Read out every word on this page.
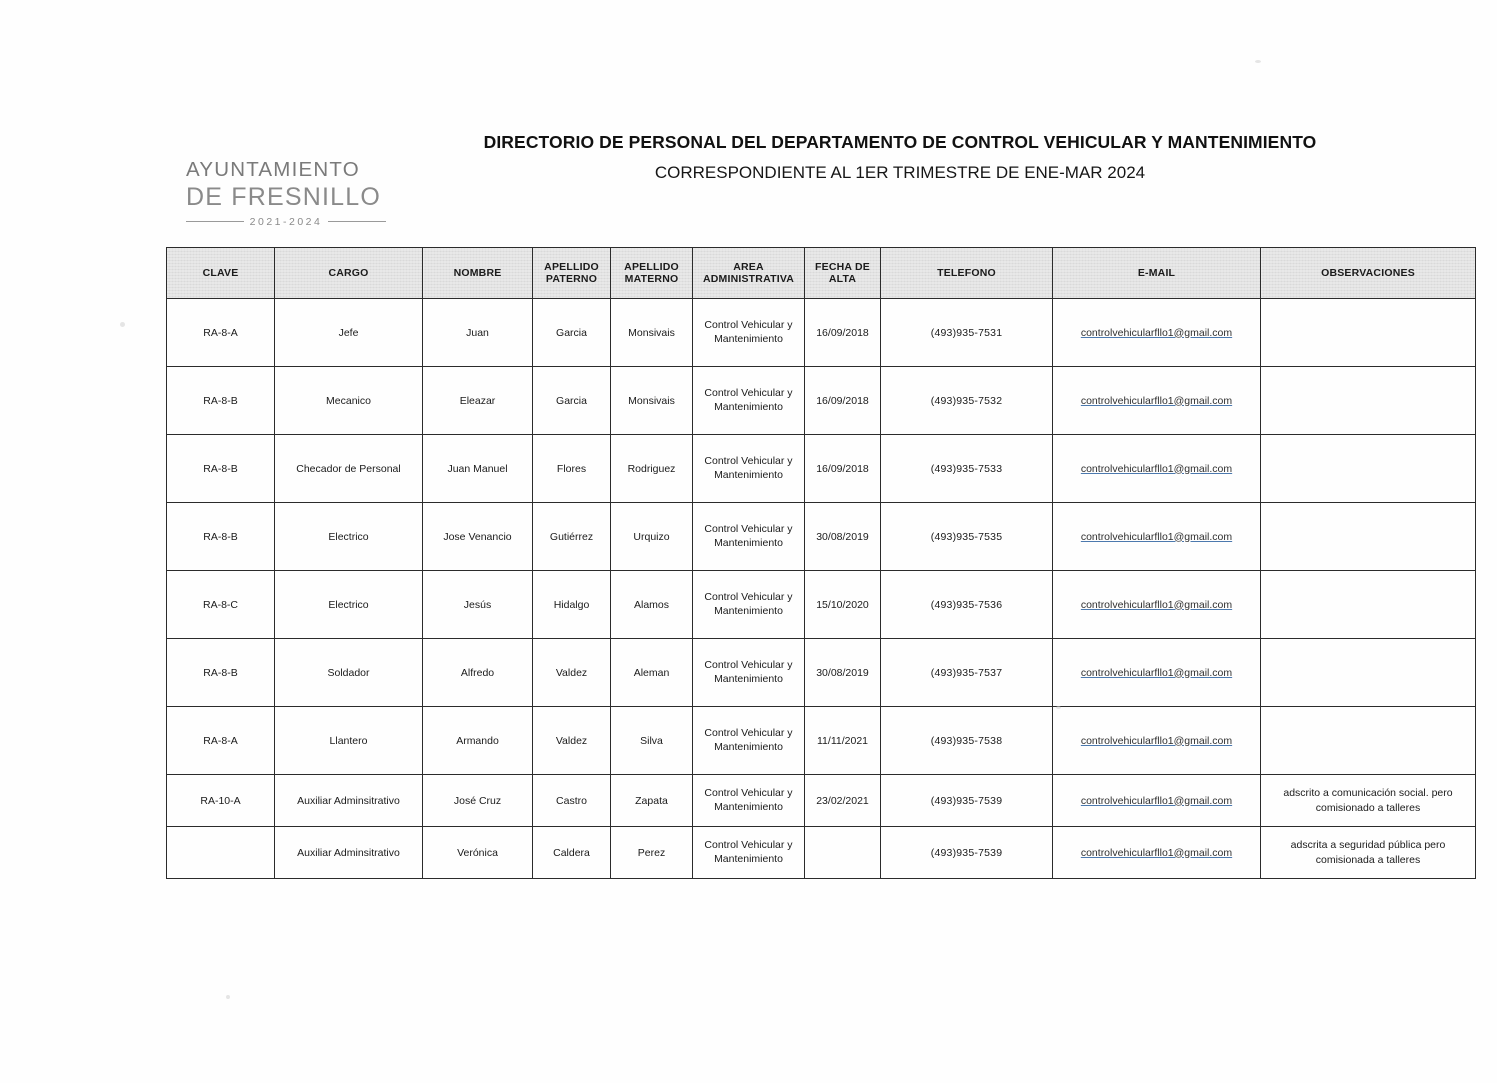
AYUNTAMIENTO
DE FRESNILLO
2021-2024
DIRECTORIO DE PERSONAL DEL DEPARTAMENTO DE CONTROL VEHICULAR Y MANTENIMIENTO
CORRESPONDIENTE AL 1ER TRIMESTRE DE ENE-MAR 2024
CLAVE	CARGO	NOMBRE	APELLIDO PATERNO	APELLIDO MATERNO	AREA ADMINISTRATIVA	FECHA DE ALTA	TELEFONO	E-MAIL	OBSERVACIONES
RA-8-A	Jefe	Juan	Garcia	Monsivais	Control Vehicular y Mantenimiento	16/09/2018	(493)935-7531	controlvehicularfllo1@gmail.com	
RA-8-B	Mecanico	Eleazar	Garcia	Monsivais	Control Vehicular y Mantenimiento	16/09/2018	(493)935-7532	controlvehicularfllo1@gmail.com	
RA-8-B	Checador de Personal	Juan Manuel	Flores	Rodriguez	Control Vehicular y Mantenimiento	16/09/2018	(493)935-7533	controlvehicularfllo1@gmail.com	
RA-8-B	Electrico	Jose Venancio	Gutiérrez	Urquizo	Control Vehicular y Mantenimiento	30/08/2019	(493)935-7535	controlvehicularfllo1@gmail.com	
RA-8-C	Electrico	Jesús	Hidalgo	Alamos	Control Vehicular y Mantenimiento	15/10/2020	(493)935-7536	controlvehicularfllo1@gmail.com	
RA-8-B	Soldador	Alfredo	Valdez	Aleman	Control Vehicular y Mantenimiento	30/08/2019	(493)935-7537	controlvehicularfllo1@gmail.com	
RA-8-A	Llantero	Armando	Valdez	Silva	Control Vehicular y Mantenimiento	11/11/2021	(493)935-7538	controlvehicularfllo1@gmail.com	
RA-10-A	Auxiliar Adminsitrativo	José Cruz	Castro	Zapata	Control Vehicular y Mantenimiento	23/02/2021	(493)935-7539	controlvehicularfllo1@gmail.com	adscrito a comunicación social. pero comisionado a talleres
	Auxiliar Adminsitrativo	Verónica	Caldera	Perez	Control Vehicular y Mantenimiento		(493)935-7539	controlvehicularfllo1@gmail.com	adscrita a seguridad pública pero comisionada a talleres
